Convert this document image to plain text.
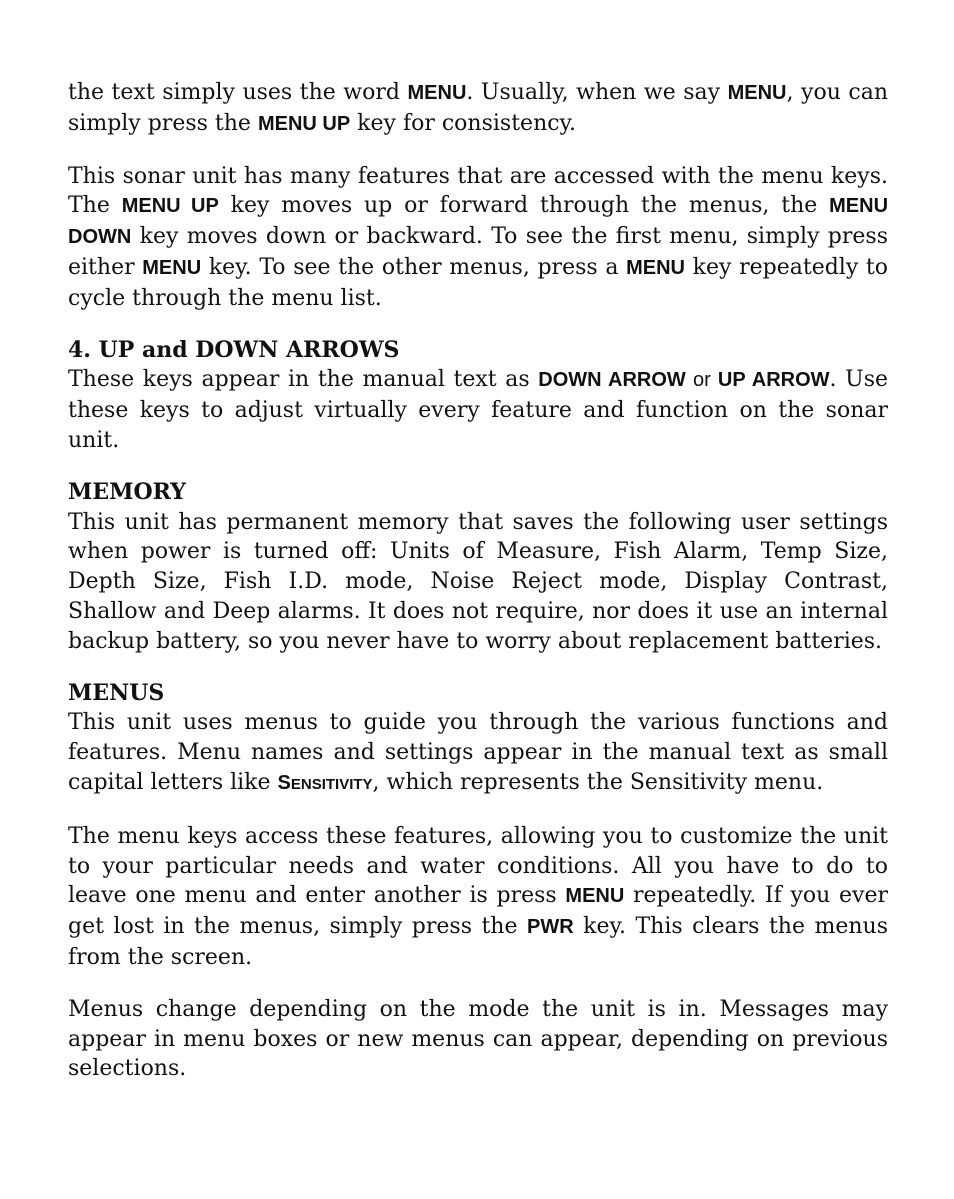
the text simply uses the word MENU. Usually, when we say MENU, you can simply press the MENU UP key for consistency.

This sonar unit has many features that are accessed with the menu keys. The MENU UP key moves up or forward through the menus, the MENU DOWN key moves down or backward. To see the first menu, simply press either MENU key. To see the other menus, press a MENU key repeatedly to cycle through the menu list.

4. UP and DOWN ARROWS

These keys appear in the manual text as DOWN ARROW or UP ARROW. Use these keys to adjust virtually every feature and function on the sonar unit.

MEMORY

This unit has permanent memory that saves the following user settings when power is turned off: Units of Measure, Fish Alarm, Temp Size, Depth Size, Fish I.D. mode, Noise Reject mode, Display Contrast, Shallow and Deep alarms. It does not require, nor does it use an internal backup battery, so you never have to worry about replacement batteries.

MENUS

This unit uses menus to guide you through the various functions and features. Menu names and settings appear in the manual text as small capital letters like SENSITIVITY, which represents the Sensitivity menu.

The menu keys access these features, allowing you to customize the unit to your particular needs and water conditions. All you have to do to leave one menu and enter another is press MENU repeatedly. If you ever get lost in the menus, simply press the PWR key. This clears the menus from the screen.

Menus change depending on the mode the unit is in. Messages may appear in menu boxes or new menus can appear, depending on previous selections.
